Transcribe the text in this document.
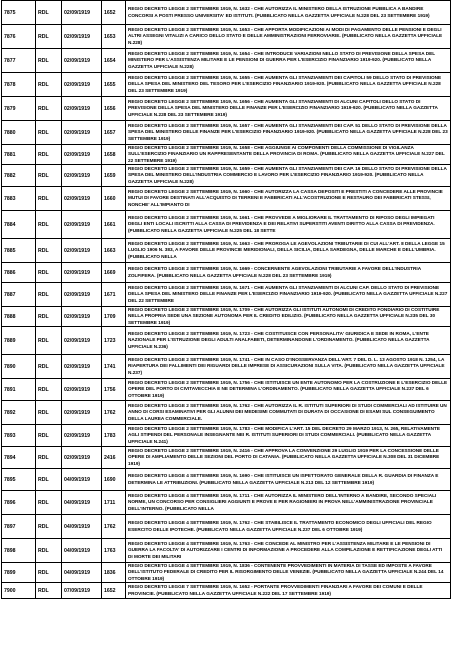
7875	RDL	02/09/1919	1652	REGIO DECRETO LEGGE 2 SETTEMBRE 1919, N. 1632 - CHE AUTORIZZA IL MINISTERO DELLA ISTRUZIONE PUBBLICA A BANDIRE CONCORSI A POSTI PRESSO UNIVERSITA' ED ISTITUTI. (PUBBLICATO NELLA GAZZETTA UFFICIALE N.228 DEL 23 SETTEMBRE 1919)
7876	RDL	02/09/1919	1653	REGIO DECRETO LEGGE 2 SETTEMBRE 1919, N. 1653 - CHE APPORTA MODIFICAZIONI AI MODI DI PAGAMENTO DELLE PENSIONI E DEGLI ALTRI ASSEGNI VITALIZI A CARICO DELLO STATO E DELLE AMMINISTRAZIONI FERROVIARIE. (PUBBLICATO NELLA GAZZETTA UFFICIALE N.228)
7877	RDL	02/09/1919	1654	REGIO DECRETO LEGGE 2 SETTEMBRE 1919, N. 1654 - CHE INTRODUCE VARIAZIONI NELLO STATO DI PREVISIONE DELLA SPESA DEL MINISTERO PER L'ASSISTENZA MILITARE E LE PENSIONI DI GUERRA PER L'ESERCIZIO FINANZIARIO 1919-920. (PUBBLICATO NELLA GAZZETTA UFFICIALE N.228)
7878	RDL	02/09/1919	1655	REGIO DECRETO LEGGE 2 SETTEMBRE 1919, N. 1655 - CHE AUMENTA GLI STANZIAMENTI DEI CAPITOLI 59 DELLO STATO DI PREVISIONE DELLA SPESA DEL MINISTERO DEL TESORO PER L'ESERCIZIO FINANZIARIO 1919-920. (PUBBLICATO NELLA GAZZETTA UFFICIALE N.228 DEL 23 SETTEMBRE 1919)
7879	RDL	02/09/1919	1656	REGIO DECRETO LEGGE 2 SETTEMBRE 1919, N. 1656 - CHE AUMENTA GLI STANZIAMENTI DI ALCUNI CAPITOLI DELLO STATO DI PREVISIONE DELLA SPESA DEL MINISTERO DELLE FINANZE PER L'ESERCIZIO FINANZIARIO 1919-920. (PUBBLICATO NELLA GAZZETTA UFFICIALE N.228 DEL 23 SETTEMBRE 1919)
7880	RDL	02/09/1919	1657	REGIO DECRETO LEGGE 2 SETTEMBRE 1919, N. 1657 - CHE AUMENTA GLI STANZIAMENTI DEI CAP. 51 DELLO STATO DI PREVISIONE DELLA SPESA DEL MINISTERO DELLE FINANZE PER L'ESERCIZIO FINANZIARIO 1919-920. (PUBBLICATO NELLA GAZZETTA UFFICIALE N.228 DEL 23 SETTEMBRE 1919)
7881	RDL	02/09/1919	1658	REGIO DECRETO LEGGE 2 SETTEMBRE 1919, N. 1658 - CHE AGGIUNGE AI COMPONENTI DELLA COMMISSIONE DI VIGILANZA SULL'ESERCIZIO FINANZIARIO UN RAPPRESENTANTE DELLA PROVINCIA DI ROMA. (PUBBLICATO NELLA GAZZETTA UFFICIALE N.227 DEL 22 SETTEMBRE 1919)
7882	RDL	02/09/1919	1659	REGIO DECRETO LEGGE 2 SETTEMBRE 1919, N. 1659 - CHE AUMENTA GLI STANZIAMENTI DEI CAP. 16 DELLO STATO DI PREVISIONE DELLA SPESA DEL MINISTERO DELL'INDUSTRIA COMMERCIO E LAVORO PER L'ESERCIZIO FINANZIARIO 1919-920. (PUBBLICATO NELLA GAZZETTA UFFICIALE N.228)
7883	RDL	02/09/1919	1660	REGIO DECRETO LEGGE 2 SETTEMBRE 1919, N. 1660 - CHE AUTORIZZA LA CASSA DEPOSITI E PRESTITI A CONCEDERE ALLE PROVINCIE MUTUI DI FAVORE DESTINATI ALL'ACQUISTO DI TERRENI E FABBRICATI ALL'ACOSTRUZIONE E RESTAURO DEI FABBRICATI STESSI, NONCHE' ALL'IMPIANTO DI
7884	RDL	02/09/1919	1661	REGIO DECRETO LEGGE 2 SETTEMBRE 1919, N. 1661 - CHE PROVVEDE A MIGLIORARE IL TRATTAMENTO DI RIPOSO DEGLI IMPIEGATI DEGLI ENTI LOCALI ISCRITTI ALLA CASSA DI PREVIDENZA E DEI RELATIVI SUPERSTITI AVENTI DIRITTO ALLA CASSA DI PREVIDENZA. (PUBBLICATO NELLA GAZZETTA UFFICIALE N.225 DEL 18 SETTE
7885	RDL	02/09/1919	1663	REGIO DECRETO LEGGE 2 SETTEMBRE 1919, N. 1663 - CHE PROROGA LE AGEVOLAZIONI TRIBUTARIE DI CUI ALL'ART. 8 DELLA LEGGE 15 LUGLIO 1906 N. 383, A FAVORE DELLE PROVINCIE MERIDIONALI, DELLA SICILIA, DELLA SARDEGNA, DELLE MARCHE E DELL'UMBRIA. (PUBBLICATO NELLA
7886	RDL	02/09/1919	1669	REGIO DECRETO LEGGE 2 SETTEMBRE 1919, N. 1669 - CONCERNENTE AGEVOLAZIONI TRIBUTARIE A FAVORE DELL'INDUSTRIA ZOLFIFERA. (PUBBLICATO NELLA GAZZETTA UFFICIALE N.228 DEL 23 SETTEMBRE 1919)
7887	RDL	02/09/1919	1671	REGIO DECRETO LEGGE 2 SETTEMBRE 1919, N. 1671 - CHE AUMENTA GLI STANZIAMENTI DI ALCUNI CAP. DELLO STATO DI PREVISIONE DELLA SPESA DEL MINISTERO DELLE FINANZE PER L'ESERCIZIO FINANZIARIO 1919-920. (PUBBLICATO NELLA GAZZETTA UFFICIALE N.227 DEL 22 SETTEMBRE
7888	RDL	02/09/1919	1709	REGIO DECRETO LEGGE 2 SETTEMBRE 1919, N. 1709 - CHE AUTORIZZA GLI ISTITUTI AUTONOMI DI CREDITO FONDIARIO DI COSTITUIRE NELLA PROPRIA SEDE UNA SEZIONE AUTONOMA PER IL CREDITO EDILIZIO. (PUBBLICATO NELLA GAZZETTA UFFICIALE N.235 DEL 30 SETTEMBRE 1919)
7889	RDL	02/09/1919	1723	REGIO DECRETO LEGGE 2 SETTEMBRE 1919, N. 1723 - CHE COSTITUISCE CON PERSONALITA' GIURIDICA E SEDE IN ROMA, L'ENTE NAZIONALE PER L'ISTRUZIONE DEGLI ADULTI ANALFABETI, DETERMINANDONE L'ORDINAMENTO. (PUBBLICATO NELLA GAZZETTA UFFICIALE N.236)
7890	RDL	02/09/1919	1741	REGIO DECRETO LEGGE 2 SETTEMBRE 1919, N. 1741 - CHE IN CASO D'INOSSERVANZA DELL'ART. 7 DEL D. L. 13 AGOSTO 1918 N. 1254, LA RIAPERTURA DEI FALLIMENTI DEI RIGUARDI DELLE IMPRESE DI ASSICURAZIONI SULLA VITA. (PUBBLICATO NELLA GAZZETTA UFFICIALE N.237)
7891	RDL	02/09/1919	1756	REGIO DECRETO LEGGE 2 SETTEMBRE 1919, N. 1756 - CHE ISTITUISCE UN ENTE AUTONOMO PER LA COSTRUZIONE E L'ESERCIZIO DELLE OPERE DEL PORTO DI CIVITAVECCHIA E NE DETERMINA L'ORDINAMENTO. (PUBBLICATO NELLA GAZZETTA UFFICIALE N.237 DEL 6 OTTOBRE 1919)
7892	RDL	02/09/1919	1762	REGIO DECRETO LEGGE 2 SETTEMBRE 1919, N. 1762 - CHE AUTORIZZA IL R. ISTITUTI SUPERIORI DI STUDI COMMERCIALI AD ISTITUIRE UN ANNO DI CORSI ESAMINATIVI PER GLI ALUNNI DEI MEDESIMI COMMUTATI DI DURATA DI OCCASIONE DI ESAMI SUL CONSEGUIMENTO DELLA LAUREA COMMERCIALE.
7893	RDL	02/09/1919	1783	REGIO DECRETO LEGGE 2 SETTEMBRE 1919, N. 1783 - CHE MODIFICA L'ART. 15 DEL DECRETO 29 MARZO 1913, N. 265, RELATIVAMENTE AGLI STIPENDI DEL PERSONALE INSEGNANTE NEI R. ISTITUTI SUPERIORI DI STUDI COMMERCIALI. (PUBBLICATO NELLA GAZZETTA UFFICIALE N.241)
7894	RDL	02/09/1919	2416	REGIO DECRETO LEGGE 2 SETTEMBRE 1919, N. 2416 - CHE APPROVA LA CONVENZIONE 29 LUGLIO 1919 PER LA CONCESSIONE DELLE OPERE DI AMPLIAMENTO DELLE SEZIONI DEL PORTO DI CATANIA. (PUBBLICATO NELLA GAZZETTA UFFICIALE N.308 DEL 31 DICEMBRE 1919)
7895	RDL	04/09/1919	1690	REGIO DECRETO LEGGE 4 SETTEMBRE 1919, N. 1690 - CHE ISTITUISCE UN ISPETTORATO GENERALE DELLA R. GUARDIA DI FINANZA E DETERMINA LE ATTRIBUZIONI. (PUBBLICATO NELLA GAZZETTA UFFICIALE N.213 DEL 12 SETTEMBRE 1919)
7896	RDL	04/09/1919	1711	REGIO DECRETO LEGGE 4 SETTEMBRE 1919, N. 1711 - CHE AUTORIZZA IL MINISTERO DELL'INTERNO A BANDIRE, SECONDO SPECIALI NORME, UN CONCORSO PER CONSIGLIERI AGGIUNTI E PROVE E PER RAGIONIERI IN PROVA NELL'AMMINISTRAZIONE PROVINCIALE DELL'INTERNO. (PUBBLICATO NELLA
7897	RDL	04/09/1919	1762	REGIO DECRETO LEGGE 4 SETTEMBRE 1919, N. 1762 - CHE STABILISCE IL TRATTAMENTO ECONOMICO DEGLI UFFICIALI DEL REGIO ESERCITO DELLE IPOTECHE. (PUBBLICATO NELLA GAZZETTA UFFICIALE N.237 DEL 6 OTTOBRE 1919)
7898	RDL	04/09/1919	1763	REGIO DECRETO LEGGE 4 SETTEMBRE 1919, N. 1763 - CHE CONCEDE AL MINISTRO PER L'ASSISTENZA MILITARE E LE PENSIONI DI GUERRA LA FACOLTA' DI AUTORIZZARE I CENTRI DI INFORMAZIONE A PROCEDERE ALLA COMPILAZIONE E RETTIFICAZIONE DEGLI ATTI DI MORTE DEI MILITARI
7899	RDL	04/09/1919	1836	REGIO DECRETO LEGGE 4 SETTEMBRE 1919, N. 1836 - CONTENENTE PROVVEDIMENTI IN MATERIA DI TASSE ED IMPOSTE A FAVORE DELL'ISTITUTO FEDERALE DI CREDITO PER IL RISORGIMENTO DELLE VENEZIE. (PUBBLICATO NELLA GAZZETTA UFFICIALE N.244 DEL 14 OTTOBRE 1919)
7900	RDL	07/09/1919	1652	REGIO DECRETO LEGGE 7 SETTEMBRE 1919, N. 1652 - PORTANTE PROVVEDIMENTI FINANZIARI A FAVORE DEI COMUNI E DELLE PROVINCIE. (PUBBLICATO NELLA GAZZETTA UFFICIALE N.222 DEL 17 SETTEMBRE 1919)
